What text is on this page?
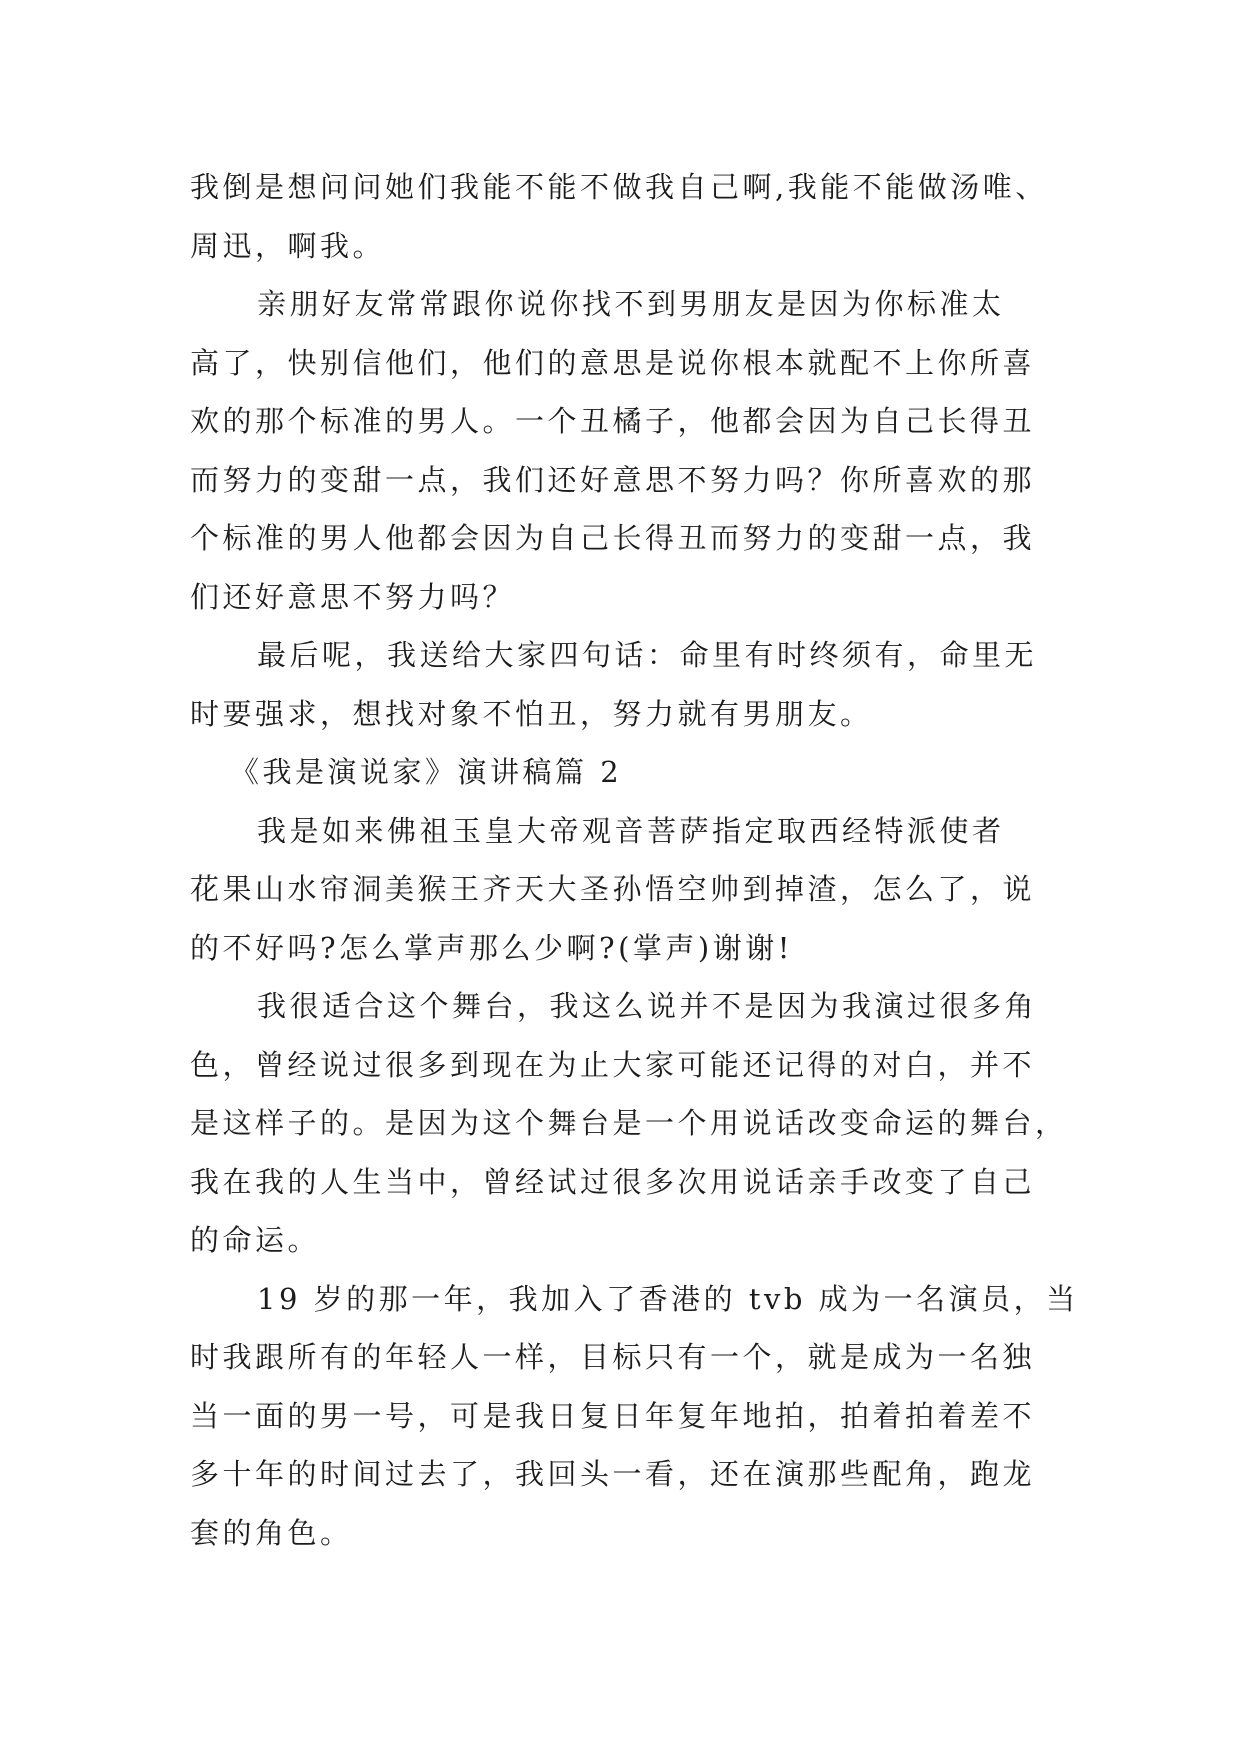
我倒是想问问她们我能不能不做我自己啊,我能不能做汤唯、
周迅，啊我。
亲朋好友常常跟你说你找不到男朋友是因为你标准太
高了，快别信他们，他们的意思是说你根本就配不上你所喜
欢的那个标准的男人。一个丑橘子，他都会因为自己长得丑
而努力的变甜一点，我们还好意思不努力吗？你所喜欢的那
个标准的男人他都会因为自己长得丑而努力的变甜一点，我
们还好意思不努力吗？
最后呢，我送给大家四句话：命里有时终须有，命里无
时要强求，想找对象不怕丑，努力就有男朋友。
《我是演说家》演讲稿篇 2
我是如来佛祖玉皇大帝观音菩萨指定取西经特派使者
花果山水帘洞美猴王齐天大圣孙悟空帅到掉渣，怎么了，说
的不好吗?怎么掌声那么少啊?(掌声)谢谢!
我很适合这个舞台，我这么说并不是因为我演过很多角
色，曾经说过很多到现在为止大家可能还记得的对白，并不
是这样子的。是因为这个舞台是一个用说话改变命运的舞台，
我在我的人生当中，曾经试过很多次用说话亲手改变了自己
的命运。
19 岁的那一年，我加入了香港的 tvb 成为一名演员，当
时我跟所有的年轻人一样，目标只有一个，就是成为一名独
当一面的男一号，可是我日复日年复年地拍，拍着拍着差不
多十年的时间过去了，我回头一看，还在演那些配角，跑龙
套的角色。
